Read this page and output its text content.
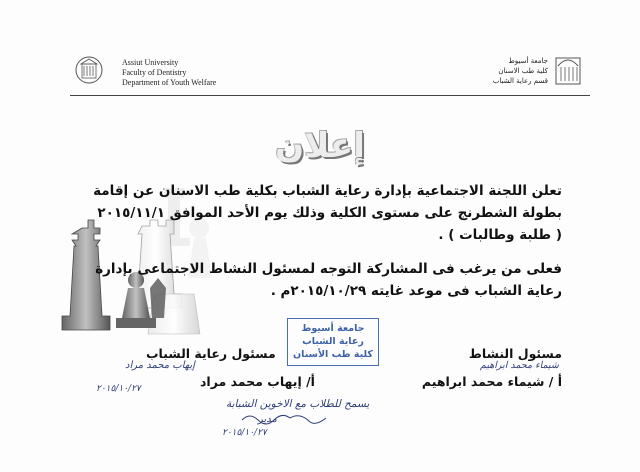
Assiut University
Faculty of Dentistry
Department of Youth Welfare
جامعة أسيوط
كلية طب الاسنان
قسم رعاية الشباب
إعلان

تعلن اللجنة الاجتماعية بإدارة رعاية الشباب بكلية طب الاسنان عن إقامة

بطولة الشطرنج على مستوى الكلية وذلك يوم الأحد الموافق ٢٠١٥/١١/١

( طلبة وطالبات ) .

فعلى من يرغب فى المشاركة التوجه لمسئول النشاط الاجتماعى بإدارة

رعاية الشباب فى موعد غايته ٢٠١٥/١٠/٢٩م .

جامعة أسيوط
رعاية الشباب
كلية طب الأسنان
مسئول رعاية الشباب
إيهاب محمد مراد
٢٠١٥/١٠/٢٧	أ/ إيهاب محمد مراد
مسئول النشاط
شيماء محمد ابراهيم
أ / شيماء محمد ابراهيم
يسمح للطلاب مع الاخوين الشبابة
مدير
٢٠١٥/١٠/٢٧
